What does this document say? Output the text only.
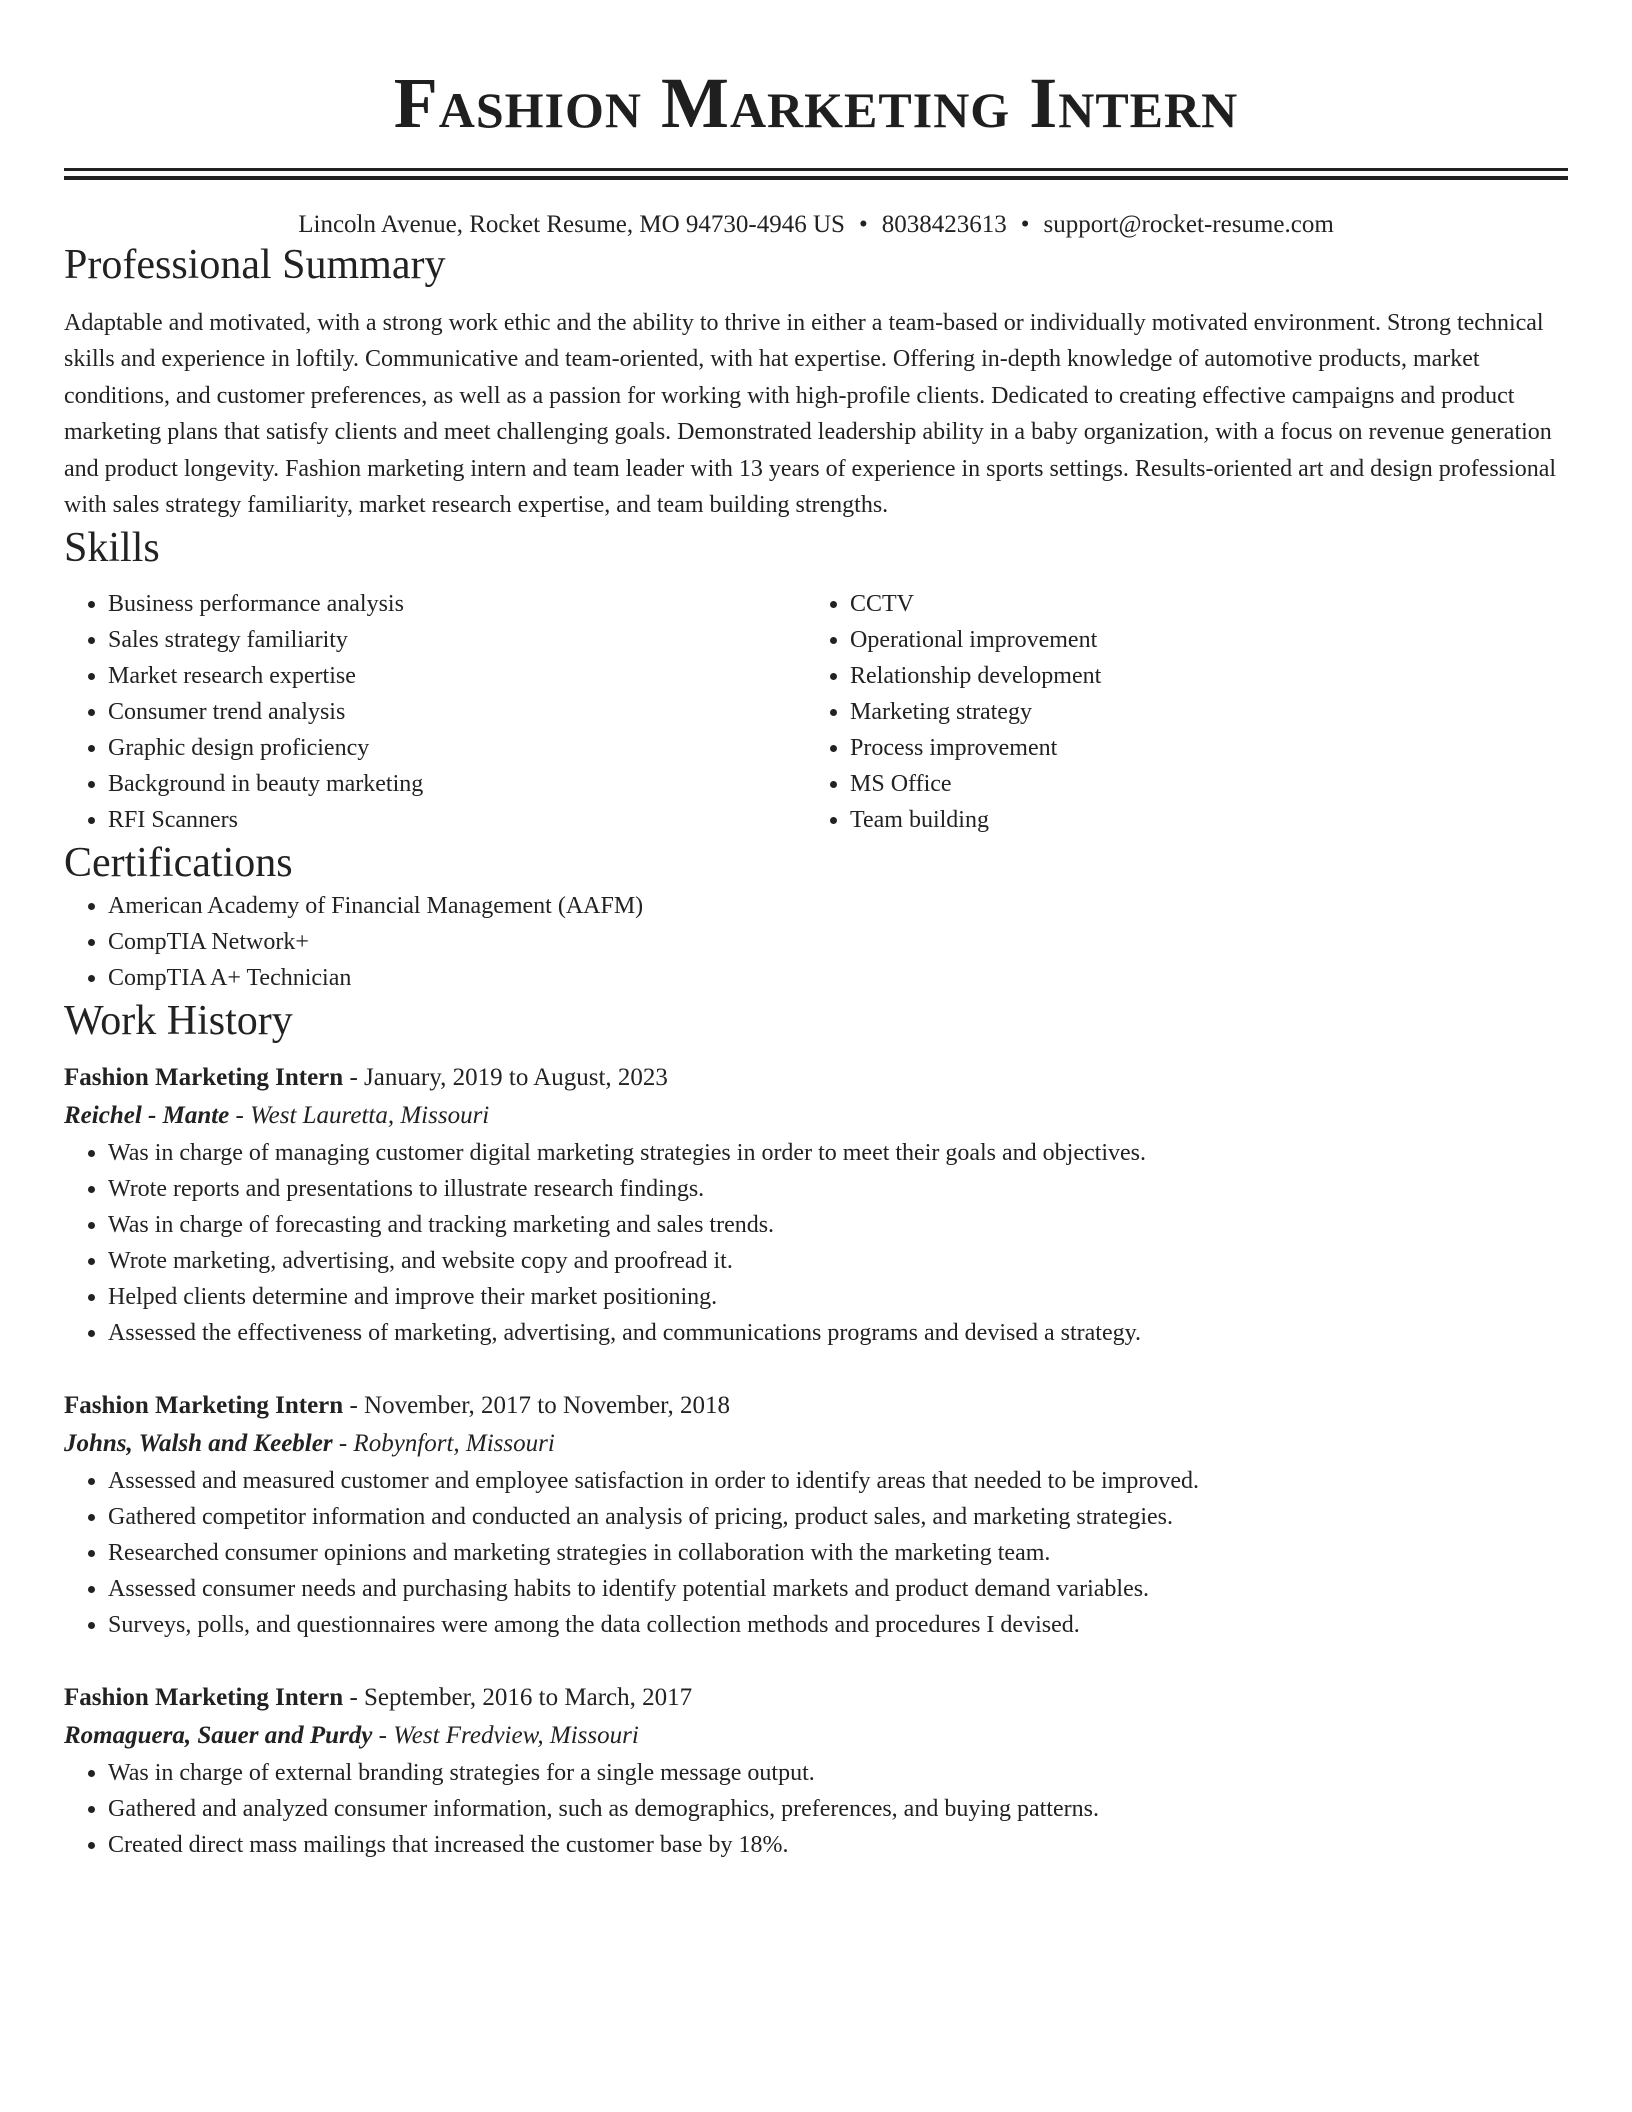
Fashion Marketing Intern
Lincoln Avenue, Rocket Resume, MO 94730-4946 US • 8038423613 • support@rocket-resume.com
Professional Summary

Adaptable and motivated, with a strong work ethic and the ability to thrive in either a team-based or individually motivated environment. Strong technical skills and experience in loftily. Communicative and team-oriented, with hat expertise. Offering in-depth knowledge of automotive products, market conditions, and customer preferences, as well as a passion for working with high-profile clients. Dedicated to creating effective campaigns and product marketing plans that satisfy clients and meet challenging goals. Demonstrated leadership ability in a baby organization, with a focus on revenue generation and product longevity. Fashion marketing intern and team leader with 13 years of experience in sports settings. Results-oriented art and design professional with sales strategy familiarity, market research expertise, and team building strengths.

Skills
• Business performance analysis
• Sales strategy familiarity
• Market research expertise
• Consumer trend analysis
• Graphic design proficiency
• Background in beauty marketing
• RFI Scanners
• CCTV
• Operational improvement
• Relationship development
• Marketing strategy
• Process improvement
• MS Office
• Team building
Certifications
• American Academy of Financial Management (AAFM)
• CompTIA Network+
• CompTIA A+ Technician
Work History
Fashion Marketing Intern - January, 2019 to August, 2023
Reichel - Mante - West Lauretta, Missouri
• Was in charge of managing customer digital marketing strategies in order to meet their goals and objectives.
• Wrote reports and presentations to illustrate research findings.
• Was in charge of forecasting and tracking marketing and sales trends.
• Wrote marketing, advertising, and website copy and proofread it.
• Helped clients determine and improve their market positioning.
• Assessed the effectiveness of marketing, advertising, and communications programs and devised a strategy.
Fashion Marketing Intern - November, 2017 to November, 2018
Johns, Walsh and Keebler - Robynfort, Missouri
• Assessed and measured customer and employee satisfaction in order to identify areas that needed to be improved.
• Gathered competitor information and conducted an analysis of pricing, product sales, and marketing strategies.
• Researched consumer opinions and marketing strategies in collaboration with the marketing team.
• Assessed consumer needs and purchasing habits to identify potential markets and product demand variables.
• Surveys, polls, and questionnaires were among the data collection methods and procedures I devised.
Fashion Marketing Intern - September, 2016 to March, 2017
Romaguera, Sauer and Purdy - West Fredview, Missouri
• Was in charge of external branding strategies for a single message output.
• Gathered and analyzed consumer information, such as demographics, preferences, and buying patterns.
• Created direct mass mailings that increased the customer base by 18%.
